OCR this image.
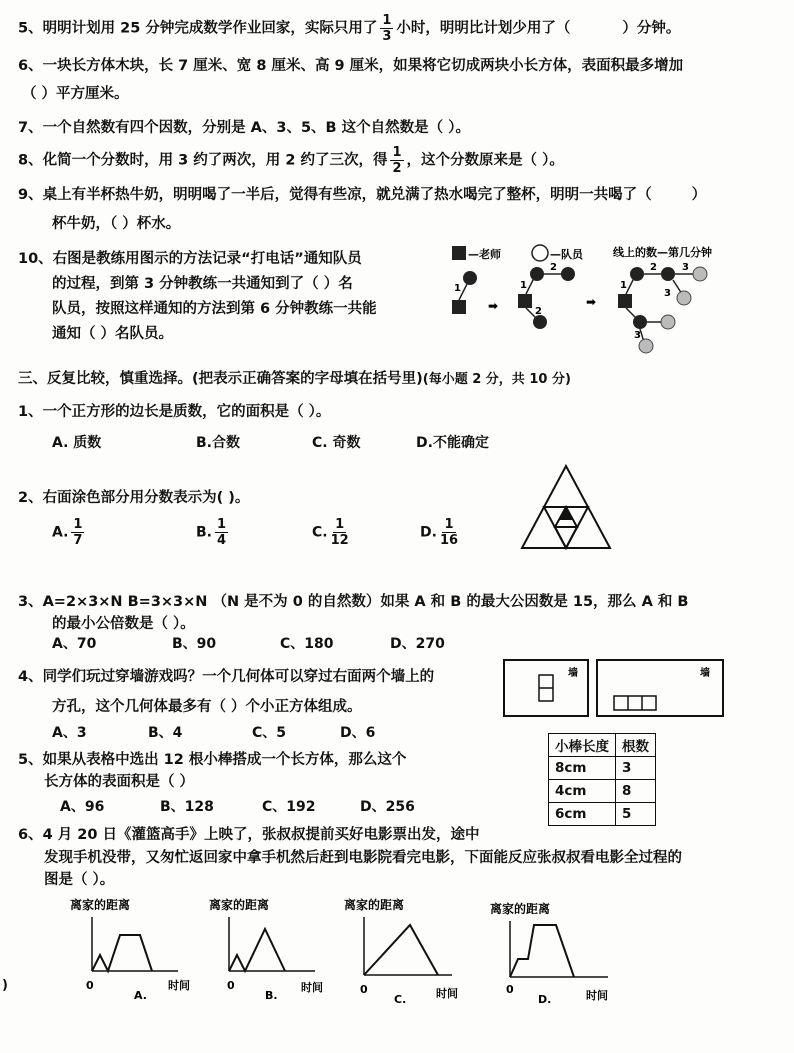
5、明明计划用 25 分钟完成数学作业回家，实际只用了 $\frac{1}{3}$ 小时，明明比计划少用了（	）分钟。
6、一块长方体木块，长 7 厘米、宽 8 厘米、高 9 厘米，如果将它切成两块小长方体，表面积最多增加
（ ）平方厘米。
7、一个自然数有四个因数，分别是 A、3、5、B 这个自然数是（ ）。
8、化简一个分数时，用 3 约了两次，用 2 约了三次，得 $\frac{1}{2}$ ，这个分数原来是（ ）。
9、桌上有半杯热牛奶，明明喝了一半后，觉得有些凉，就兑满了热水喝完了整杯，明明一共喝了（	）
杯牛奶，（ ）杯水。
10、右图是教练用图示的方法记录“打电话”通知队员
的过程，到第 3 分钟教练一共通知到了（ ）名
队员，按照这样通知的方法到第 6 分钟教练一共能
通知（ ）名队员。
—老师	—队员	线上的数—第几分钟
1
➡
1
2
2
➡
1
2	3
3
3
三、反复比较，慎重选择。(把表示正确答案的字母填在括号里)(每小题 2 分，共 10 分)
1、一个正方形的边长是质数，它的面积是（ ）。
A. 质数	B.合数	C. 奇数	D.不能确定
2、右面涂色部分用分数表示为( )。
A. $\frac{1}{7}$	B. $\frac{1}{4}$	C. $\frac{1}{12}$	D. $\frac{1}{16}$
3、A=2×3×N B=3×3×N （N 是不为 0 的自然数）如果 A 和 B 的最大公因数是 15，那么 A 和 B
的最小公倍数是（ ）。
A、70	B、90	C、180	D、270
4、同学们玩过穿墙游戏吗？一个几何体可以穿过右面两个墙上的
方孔，这个几何体最多有（ ）个小正方体组成。
A、3	B、4	C、5	D、6
墙	墙
5、如果从表格中选出 12 根小棒搭成一个长方体，那么这个
长方体的表面积是（ ）
A、96	B、128	C、192	D、256
小棒长度	根数
8cm	3
4cm	8
6cm	5
6、4 月 20 日《灌篮高手》上映了，张叔叔提前买好电影票出发，途中
发现手机没带，又匆忙返回家中拿手机然后赶到电影院看完电影，下面能反应张叔叔看电影全过程的
图是（ ）。
离家的距离
0	时间
A.
离家的距离
0	时间
B.
离家的距离
0	时间
C.
离家的距离
0	时间
D.
)
